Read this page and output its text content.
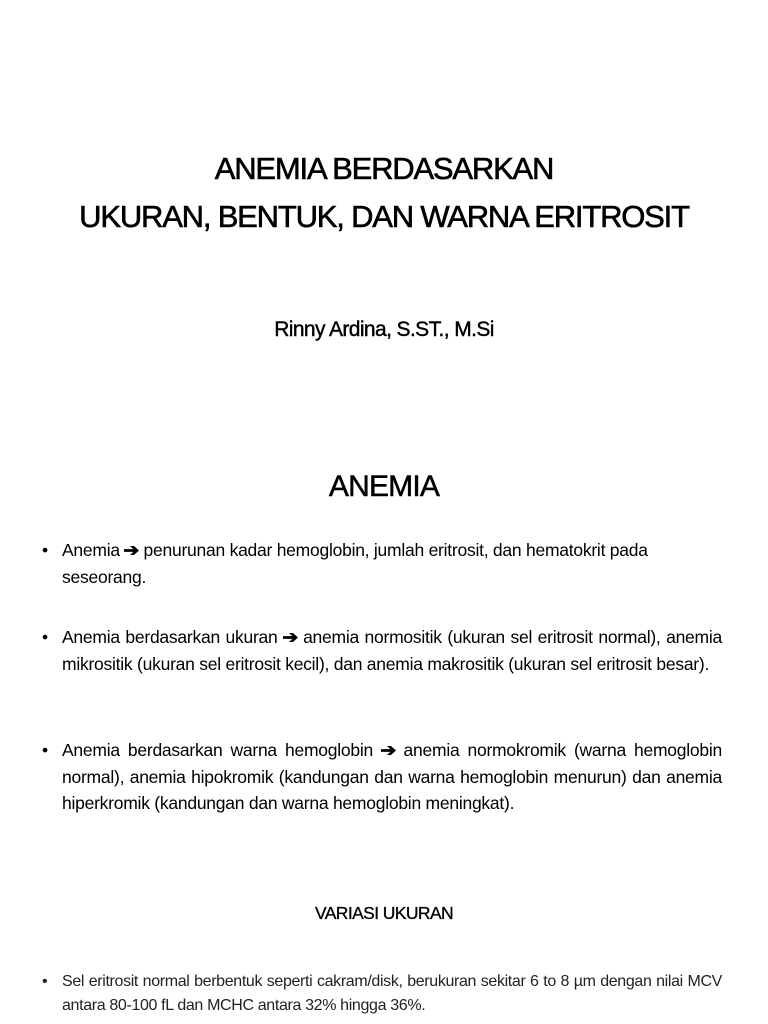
ANEMIA BERDASARKAN
UKURAN, BENTUK, DAN WARNA ERITROSIT
Rinny Ardina, S.ST., M.Si
ANEMIA
• Anemia ➔ penurunan kadar hemoglobin, jumlah eritrosit, dan hematokrit pada seseorang.
• Anemia berdasarkan ukuran ➔ anemia normositik (ukuran sel eritrosit normal), anemia mikrositik (ukuran sel eritrosit kecil), dan anemia makrositik (ukuran sel eritrosit besar).
• Anemia berdasarkan warna hemoglobin ➔ anemia normokromik (warna hemoglobin normal), anemia hipokromik (kandungan dan warna hemoglobin menurun) dan anemia hiperkromik (kandungan dan warna hemoglobin meningkat).
VARIASI UKURAN
• Sel eritrosit normal berbentuk seperti cakram/disk, berukuran sekitar 6 to 8 µm dengan nilai MCV antara 80-100 fL dan MCHC antara 32% hingga 36%.
